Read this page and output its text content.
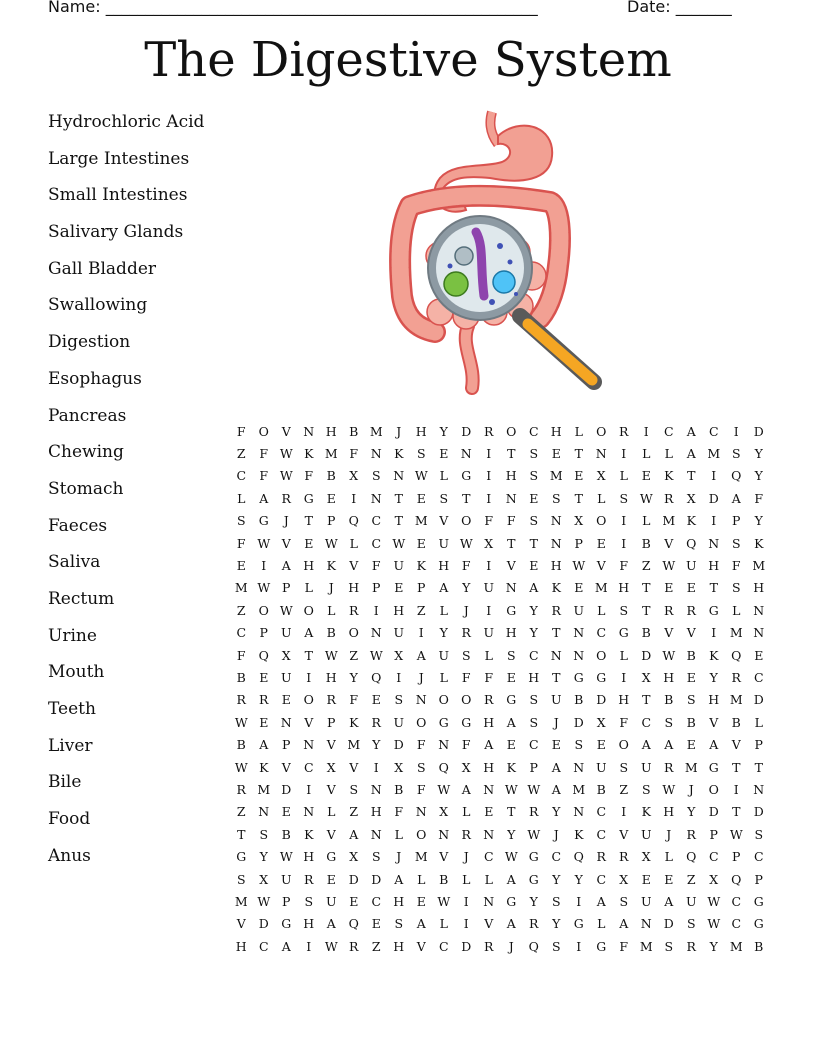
Name: ______________________________________________________	Date: _______
The Digestive System
Hydrochloric Acid
Large Intestines
Small Intestines
Salivary Glands
Gall Bladder
Swallowing
Digestion
Esophagus
Pancreas
Chewing
Stomach
Faeces
Saliva
Rectum
Urine
Mouth
Teeth
Liver
Bile
Food
Anus
F	O	V	N H B M	J	H	Y	D	R	O	C H	L	O	R	I	C	A	C	I	D
Z	F W K M F	N K	S	E N	I	T	S	E	T	N	I	L	L	A M S	Y
C	F W F	B	X	S	N W L	G	I	H	S M E	X	L	E	K	T	I	Q	Y
L	A	R	G	E	I	N	T	E	S	T	I	N E	S	T	L	S W R	X	D	A	F
S	G	J	T	P	Q	C	T M V	O	F	F	S	N	X	O	I	L M K	I	P	Y
F W V	E W L	C W E	U W X	T	T	N	P	E	I	B	V	Q N	S	K
E	I	A	H K	V	F	U	K H	F	I	V	E H W V	F	Z W U H	F M
M W P	L	J	H	P	E	P	A	Y	U N	A	K	E M H	T	E	E	T	S	H
Z	O W O	L	R	I	H	Z	L	J	I	G	Y	R	U	L	S	T	R	R	G	L	N
C	P	U	A	B	O N U	I	Y	R	U H	Y	T	N C	G	B	V	V	I	M N
F	Q	X	T W Z W X	A	U	S	L	S	C N N O	L	D W B	K	Q	E
B	E	U	I	H	Y	Q	I	J	L	F	F	E H	T	G	G	I	X	H E	Y	R	C
R	R	E	O	R	F	E	S	N O O	R	G	S	U	B	D H	T	B	S	H M D
W E N	V	P	K	R	U O G	G H	A	S	J	D	X	F	C	S	B	V	B	L
B	A	P	N	V M Y	D	F	N	F	A	E	C	E	S	E	O	A	A	E	A	V	P
W K	V	C	X	V	I	X	S	Q	X	H K	P	A	N U	S	U	R M G	T	T
R M D	I	V	S	N B	F W A	N W W A M B	Z	S W	J	O	I	N
Z	N E N	L	Z	H	F	N	X	L	E	T	R	Y	N C	I	K H	Y	D	T	D
T	S	B	K	V	A	N	L	O N R N	Y W	J	K	C	V	U	J	R	P W S
G	Y W H G	X	S	J	M V	J	C W G	C	Q	R	R	X	L	Q	C	P	C
S	X	U	R	E	D D	A	L	B	L	L	A	G	Y	Y	C	X	E	E	Z	X	Q	P
M W P	S	U	E	C H E W	I	N G	Y	S	I	A	S	U	A	U W C	G
V	D G H	A	Q	E	S	A	L	I	V	A	R	Y	G	L	A	N D	S W C	G
H C	A	I	W R	Z	H	V	C	D	R	J	Q	S	I	G	F M S	R	Y M B
